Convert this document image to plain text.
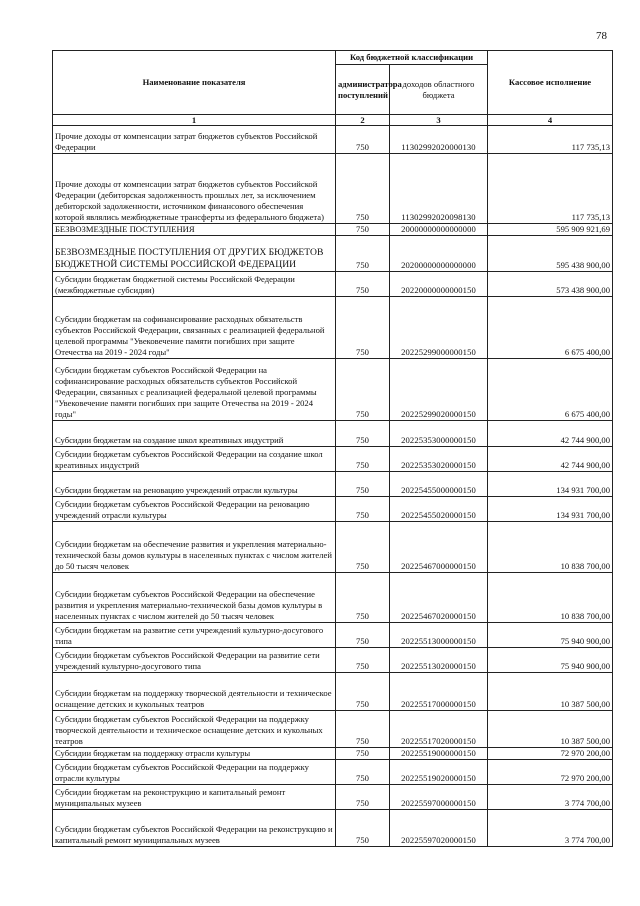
78
Наименование показателя	Код бюджетной классификации		Кассовое исполнение
	администратора поступлений	доходов областного бюджета	
1	2	3	4
Прочие доходы от компенсации затрат бюджетов субъектов Российской Федерации	750	11302992020000130	117 735,13
Прочие доходы от компенсации затрат бюджетов субъектов Российской Федерации (дебиторская задолженность прошлых лет, за исключением дебиторской задолженности, источником финансового обеспечения которой являлись межбюджетные трансферты из федерального бюджета)	750	11302992020098130	117 735,13
БЕЗВОЗМЕЗДНЫЕ ПОСТУПЛЕНИЯ	750	20000000000000000	595 909 921,69
БЕЗВОЗМЕЗДНЫЕ ПОСТУПЛЕНИЯ ОТ ДРУГИХ БЮДЖЕТОВ БЮДЖЕТНОЙ СИСТЕМЫ РОССИЙСКОЙ ФЕДЕРАЦИИ	750	20200000000000000	595 438 900,00
Субсидии бюджетам бюджетной системы Российской Федерации (межбюджетные субсидии)	750	20220000000000150	573 438 900,00
Субсидии бюджетам на софинансирование расходных обязательств субъектов Российской Федерации, связанных с реализацией федеральной целевой программы "Увековечение памяти погибших при защите Отечества на 2019 - 2024 годы"	750	20225299000000150	6 675 400,00
Субсидии бюджетам субъектов Российской Федерации на софинансирование расходных обязательств субъектов Российской Федерации, связанных с реализацией федеральной целевой программы "Увековечение памяти погибших при защите Отечества на 2019 - 2024 годы"	750	20225299020000150	6 675 400,00
Субсидии бюджетам на создание школ креативных индустрий	750	20225353000000150	42 744 900,00
Субсидии бюджетам субъектов Российской Федерации на создание школ креативных индустрий	750	20225353020000150	42 744 900,00
Субсидии бюджетам на реновацию учреждений отрасли культуры	750	20225455000000150	134 931 700,00
Субсидии бюджетам субъектов Российской Федерации на реновацию учреждений отрасли культуры	750	20225455020000150	134 931 700,00
Субсидии бюджетам на обеспечение развития и укрепления материально-технической базы домов культуры в населенных пунктах с числом жителей до 50 тысяч человек	750	20225467000000150	10 838 700,00
Субсидии бюджетам субъектов Российской Федерации на обеспечение развития и укрепления материально-технической базы домов культуры в населенных пунктах с числом жителей до 50 тысяч человек	750	20225467020000150	10 838 700,00
Субсидии бюджетам на развитие сети учреждений культурно-досугового типа	750	20225513000000150	75 940 900,00
Субсидии бюджетам субъектов Российской Федерации на развитие сети учреждений культурно-досугового типа	750	20225513020000150	75 940 900,00
Субсидии бюджетам на поддержку творческой деятельности и техническое оснащение детских и кукольных театров	750	20225517000000150	10 387 500,00
Субсидии бюджетам субъектов Российской Федерации на поддержку творческой деятельности и техническое оснащение детских и кукольных театров	750	20225517020000150	10 387 500,00
Субсидии бюджетам на поддержку отрасли культуры	750	20225519000000150	72 970 200,00
Субсидии бюджетам субъектов Российской Федерации на поддержку отрасли культуры	750	20225519020000150	72 970 200,00
Субсидии бюджетам на реконструкцию и капитальный ремонт муниципальных музеев	750	20225597000000150	3 774 700,00
Субсидии бюджетам субъектов Российской Федерации на реконструкцию и капитальный ремонт муниципальных музеев	750	20225597020000150	3 774 700,00
